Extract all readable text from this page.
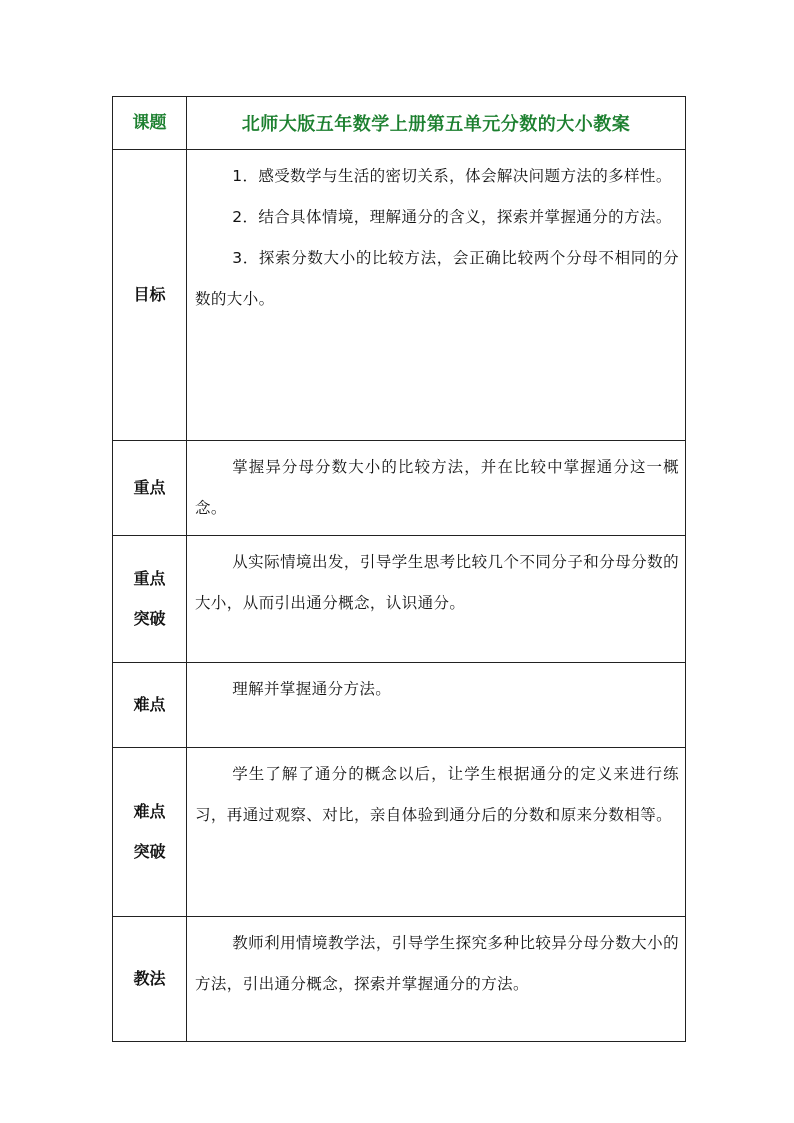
课题	北师大版五年数学上册第五单元分数的大小教案
目标	1．感受数学与生活的密切关系，体会解决问题方法的多样性。

2．结合具体情境，理解通分的含义，探索并掌握通分的方法。

3．探索分数大小的比较方法，会正确比较两个分母不相同的分数的大小。

重点	掌握异分母分数大小的比较方法，并在比较中掌握通分这一概念。

重点
突破	从实际情境出发，引导学生思考比较几个不同分子和分母分数的大小，从而引出通分概念，认识通分。

难点	理解并掌握通分方法。

难点
突破	学生了解了通分的概念以后，让学生根据通分的定义来进行练习，再通过观察、对比，亲自体验到通分后的分数和原来分数相等。

教法	教师利用情境教学法，引导学生探究多种比较异分母分数大小的方法，引出通分概念，探索并掌握通分的方法。
